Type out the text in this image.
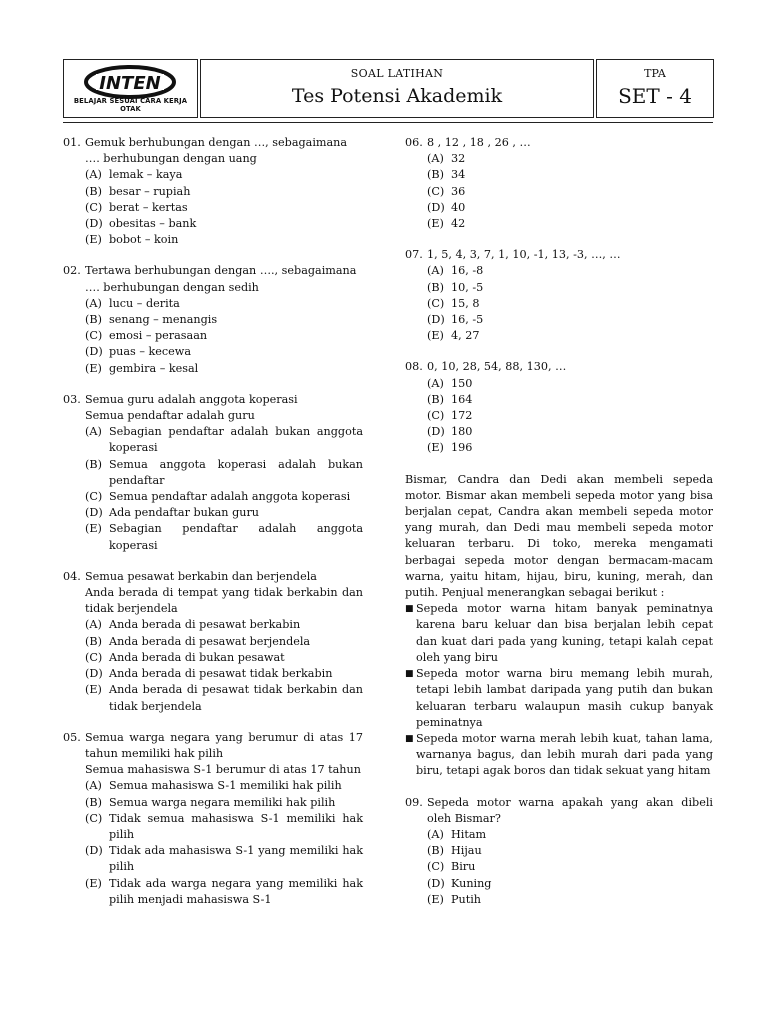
INTEN
BELAJAR SESUAI CARA KERJA OTAK
SOAL LATIHAN
Tes Potensi Akademik
TPA
SET - 4
01. Gemuk berhubungan dengan …, sebagaimana
…. berhubungan dengan uang
(A) lemak – kaya
(B) besar – rupiah
(C) berat – kertas
(D) obesitas – bank
(E) bobot – koin
02. Tertawa berhubungan dengan …., sebagaimana
…. berhubungan dengan sedih
(A) lucu – derita
(B) senang – menangis
(C) emosi – perasaan
(D) puas – kecewa
(E) gembira – kesal
03. Semua guru adalah anggota koperasi
Semua pendaftar adalah guru
(A) Sebagian pendaftar adalah bukan anggota koperasi
(B) Semua anggota koperasi adalah bukan pendaftar
(C) Semua pendaftar adalah anggota koperasi
(D) Ada pendaftar bukan guru
(E) Sebagian pendaftar adalah anggota koperasi
04. Semua pesawat berkabin dan berjendela
Anda berada di tempat yang tidak berkabin dan tidak berjendela
(A) Anda berada di pesawat berkabin
(B) Anda berada di pesawat berjendela
(C) Anda berada di bukan pesawat
(D) Anda berada di pesawat tidak berkabin
(E) Anda berada di pesawat tidak berkabin dan tidak berjendela
05. Semua warga negara yang berumur di atas 17 tahun memiliki hak pilih
Semua mahasiswa S-1 berumur di atas 17 tahun
(A) Semua mahasiswa S-1 memiliki hak pilih
(B) Semua warga negara memiliki hak pilih
(C) Tidak semua mahasiswa S-1 memiliki hak pilih
(D) Tidak ada mahasiswa S-1 yang memiliki hak pilih
(E) Tidak ada warga negara yang memiliki hak pilih menjadi mahasiswa S-1
06. 8 , 12 , 18 , 26 , …
(A) 32
(B) 34
(C) 36
(D) 40
(E) 42
07. 1, 5, 4, 3, 7, 1, 10, -1, 13, -3, …, …
(A) 16, -8
(B) 10, -5
(C) 15, 8
(D) 16, -5
(E) 4, 27
08. 0, 10, 28, 54, 88, 130, …
(A) 150
(B) 164
(C) 172
(D) 180
(E) 196

Bismar, Candra dan Dedi akan membeli sepeda motor. Bismar akan membeli sepeda motor yang bisa berjalan cepat, Candra akan membeli sepeda motor yang murah, dan Dedi mau membeli sepeda motor keluaran terbaru. Di toko, mereka mengamati berbagai sepeda motor dengan bermacam-macam warna, yaitu hitam, hijau, biru, kuning, merah, dan putih. Penjual menerangkan sebagai berikut :

■ Sepeda motor warna hitam banyak peminatnya karena baru keluar dan bisa berjalan lebih cepat dan kuat dari pada yang kuning, tetapi kalah cepat oleh yang biru
■ Sepeda motor warna biru memang lebih murah, tetapi lebih lambat daripada yang putih dan bukan keluaran terbaru walaupun masih cukup banyak peminatnya
■ Sepeda motor warna merah lebih kuat, tahan lama, warnanya bagus, dan lebih murah dari pada yang biru, tetapi agak boros dan tidak sekuat yang hitam
09. Sepeda motor warna apakah yang akan dibeli oleh Bismar?
(A) Hitam
(B) Hijau
(C) Biru
(D) Kuning
(E) Putih
